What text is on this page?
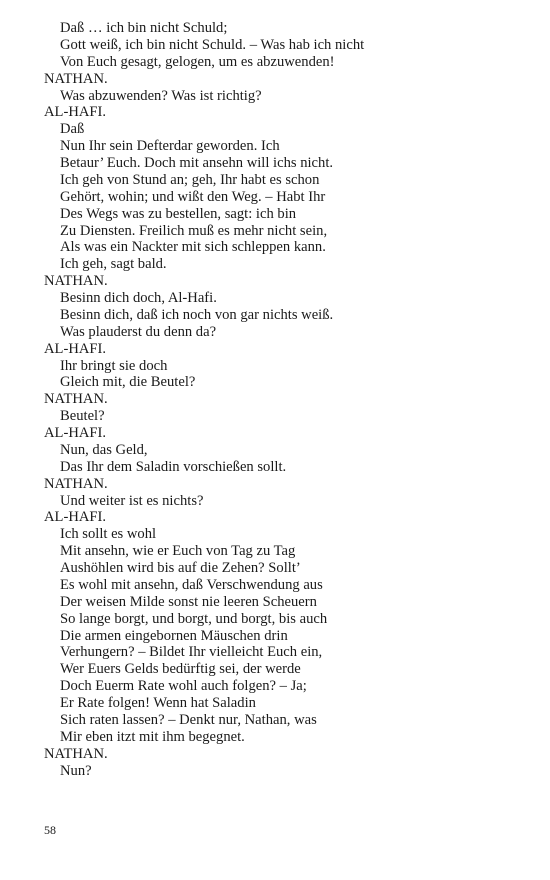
Daß … ich bin nicht Schuld;
Gott weiß, ich bin nicht Schuld. – Was hab ich nicht
Von Euch gesagt, gelogen, um es abzuwenden!
NATHAN.
Was abzuwenden? Was ist richtig?
AL-HAFI.
Daß
Nun Ihr sein Defterdar geworden. Ich
Betaur’ Euch. Doch mit ansehn will ichs nicht.
Ich geh von Stund an; geh, Ihr habt es schon
Gehört, wohin; und wißt den Weg. – Habt Ihr
Des Wegs was zu bestellen, sagt: ich bin
Zu Diensten. Freilich muß es mehr nicht sein,
Als was ein Nackter mit sich schleppen kann.
Ich geh, sagt bald.
NATHAN.
Besinn dich doch, Al-Hafi.
Besinn dich, daß ich noch von gar nichts weiß.
Was plauderst du denn da?
AL-HAFI.
Ihr bringt sie doch
Gleich mit, die Beutel?
NATHAN.
Beutel?
AL-HAFI.
Nun, das Geld,
Das Ihr dem Saladin vorschießen sollt.
NATHAN.
Und weiter ist es nichts?
AL-HAFI.
Ich sollt es wohl
Mit ansehn, wie er Euch von Tag zu Tag
Aushöhlen wird bis auf die Zehen? Sollt’
Es wohl mit ansehn, daß Verschwendung aus
Der weisen Milde sonst nie leeren Scheuern
So lange borgt, und borgt, und borgt, bis auch
Die armen eingebornen Mäuschen drin
Verhungern? – Bildet Ihr vielleicht Euch ein,
Wer Euers Gelds bedürftig sei, der werde
Doch Euerm Rate wohl auch folgen? – Ja;
Er Rate folgen! Wenn hat Saladin
Sich raten lassen? – Denkt nur, Nathan, was
Mir eben itzt mit ihm begegnet.
NATHAN.
Nun?
58
